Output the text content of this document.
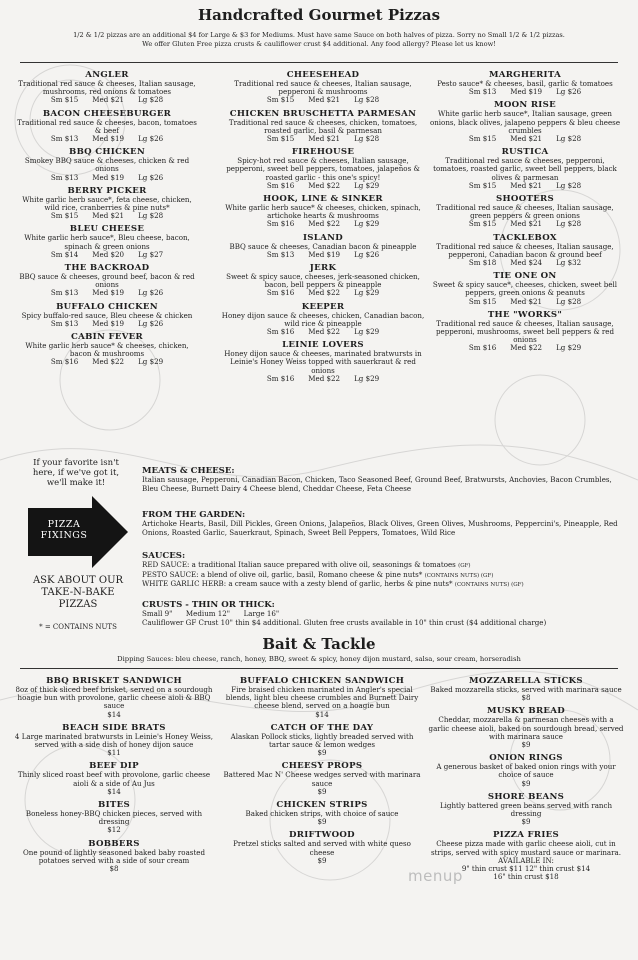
Handcrafted Gourmet Pizzas
1/2 & 1/2 pizzas are an additional $4 for Large & $3 for Mediums. Must have same Sauce on both halves of pizza. Sorry no Small 1/2 & 1/2 pizzas.
We offer Gluten Free pizza crusts & cauliflower crust $4 additional. Any food allergy? Please let us know!
ANGLER
Traditional red sauce & cheeses, Italian sausage, mushrooms, red onions & tomatoes
Sm $15 Med $21 Lg $28
BACON CHEESEBURGER
Traditional red sauce & cheeses, bacon, tomatoes & beef
Sm $13 Med $19 Lg $26
BBQ CHICKEN
Smokey BBQ sauce & cheeses, chicken & red onions
Sm $13 Med $19 Lg $26
BERRY PICKER
White garlic herb sauce*, feta cheese, chicken, wild rice, cranberries & pine nuts*
Sm $15 Med $21 Lg $28
BLEU CHEESE
White garlic herb sauce*, Bleu cheese, bacon, spinach & green onions
Sm $14 Med $20 Lg $27
THE BACKROAD
BBQ sauce & cheeses, ground beef, bacon & red onions
Sm $13 Med $19 Lg $26
BUFFALO CHICKEN
Spicy buffalo-red sauce, Bleu cheese & chicken
Sm $13 Med $19 Lg $26
CABIN FEVER
White garlic herb sauce* & cheeses, chicken, bacon & mushrooms
Sm $16 Med $22 Lg $29
CHEESEHEAD
Traditional red sauce & cheeses, Italian sausage, pepperoni & mushrooms
Sm $15 Med $21 Lg $28
CHICKEN BRUSCHETTA PARMESAN
Traditional red sauce & cheeses, chicken, tomatoes, roasted garlic, basil & parmesan
Sm $15 Med $21 Lg $28
FIREHOUSE
Spicy-hot red sauce & cheeses, Italian sausage, pepperoni, sweet bell peppers, tomatoes, jalapeños & roasted garlic - this one's spicy!
Sm $16 Med $22 Lg $29
HOOK, LINE & SINKER
White garlic herb sauce* & cheeses, chicken, spinach, artichoke hearts & mushrooms
Sm $16 Med $22 Lg $29
ISLAND
BBQ sauce & cheeses, Canadian bacon & pineapple
Sm $13 Med $19 Lg $26
JERK
Sweet & spicy sauce, cheeses, jerk-seasoned chicken, bacon, bell peppers & pineapple
Sm $16 Med $22 Lg $29
KEEPER
Honey dijon sauce & cheeses, chicken, Canadian bacon, wild rice & pineapple
Sm $16 Med $22 Lg $29
LEINIE LOVERS
Honey dijon sauce & cheeses, marinated bratwursts in Leinie's Honey Weiss topped with sauerkraut & red onions
Sm $16 Med $22 Lg $29
MARGHERITA
Pesto sauce* & cheeses, basil, garlic & tomatoes
Sm $13 Med $19 Lg $26
MOON RISE
White garlic herb sauce*, Italian sausage, green onions, black olives, jalapeno peppers & bleu cheese crumbles
Sm $15 Med $21 Lg $28
RUSTICA
Traditional red sauce & cheeses, pepperoni, tomatoes, roasted garlic, sweet bell peppers, black olives & parmesan
Sm $15 Med $21 Lg $28
SHOOTERS
Traditional red sauce & cheeses, Italian sausage, green peppers & green onions
Sm $15 Med $21 Lg $28
TACKLEBOX
Traditional red sauce & cheeses, Italian sausage, pepperoni, Canadian bacon & ground beef
Sm $18 Med $24 Lg $32
TIE ONE ON
Sweet & spicy sauce*, cheeses, chicken, sweet bell peppers, green onions & peanuts
Sm $15 Med $21 Lg $28
THE "WORKS"
Traditional red sauce & cheeses, Italian sausage, pepperoni, mushrooms, sweet bell peppers & red onions
Sm $16 Med $22 Lg $29
If your favorite isn't here, if we've got it, we'll make it!
PIZZA FIXINGS
ASK ABOUT OUR TAKE-N-BAKE PIZZAS
* = CONTAINS NUTS
MEATS & CHEESE:
Italian sausage, Pepperoni, Canadian Bacon, Chicken, Taco Seasoned Beef, Ground Beef, Bratwursts, Anchovies, Bacon Crumbles, Bleu Cheese, Burnett Dairy 4 Cheese blend, Cheddar Cheese, Feta Cheese
FROM THE GARDEN:
Artichoke Hearts, Basil, Dill Pickles, Green Onions, Jalapeños, Black Olives, Green Olives, Mushrooms, Peppercini's, Pineapple, Red Onions, Roasted Garlic, Sauerkraut, Spinach, Sweet Bell Peppers, Tomatoes, Wild Rice
SAUCES:
RED SAUCE: a traditional Italian sauce prepared with olive oil, seasonings & tomatoes (GF)
PESTO SAUCE: a blend of olive oil, garlic, basil, Romano cheese & pine nuts* (CONTAINS NUTS) (GF)
WHITE GARLIC HERB: a cream sauce with a zesty blend of garlic, herbs & pine nuts* (CONTAINS NUTS) (GF)
CRUSTS - THIN OR THICK:
Small 9" Medium 12" Large 16"
Cauliflower GF Crust 10" thin $4 additional. Gluten free crusts available in 10" thin crust ($4 additional charge)
Bait & Tackle
Dipping Sauces: bleu cheese, ranch, honey, BBQ, sweet & spicy, honey dijon mustard, salsa, sour cream, horseradish
BBQ BRISKET SANDWICH
8oz of thick sliced beef brisket, served on a sourdough hoagie bun with provolone, garlic cheese aioli & BBQ sauce
$14
BEACH SIDE BRATS
4 Large marinated bratwursts in Leinie's Honey Weiss, served with a side dish of honey dijon sauce
$11
BEEF DIP
Thinly sliced roast beef with provolone, garlic cheese aioli & a side of Au Jus
$14
BITES
Boneless honey-BBQ chicken pieces, served with dressing
$12
BOBBERS
One pound of lightly seasoned baked baby roasted potatoes served with a side of sour cream
$8
BUFFALO CHICKEN SANDWICH
Fire braised chicken marinated in Angler's special blends, light bleu cheese crumbles and Burnett Dairy cheese blend, served on a hoagie bun
$14
CATCH OF THE DAY
Alaskan Pollock sticks, lightly breaded served with tartar sauce & lemon wedges
$9
CHEESY PROPS
Battered Mac N' Cheese wedges served with marinara sauce
$9
CHICKEN STRIPS
Baked chicken strips, with choice of sauce
$9
DRIFTWOOD
Pretzel sticks salted and served with white queso cheese
$9
MOZZARELLA STICKS
Baked mozzarella sticks, served with marinara sauce
$8
MUSKY BREAD
Cheddar, mozzarella & parmesan cheeses with a garlic cheese aioli, baked on sourdough bread, served with marinara sauce
$9
ONION RINGS
A generous basket of baked onion rings with your choice of sauce
$9
SHORE BEANS
Lightly battered green beans served with ranch dressing
$9
PIZZA FRIES
Cheese pizza made with garlic cheese aioli, cut in strips, served with spicy mustard sauce or marinara. AVAILABLE IN:
9" thin crust $11 12" thin crust $14
16" thin crust $18
menup
